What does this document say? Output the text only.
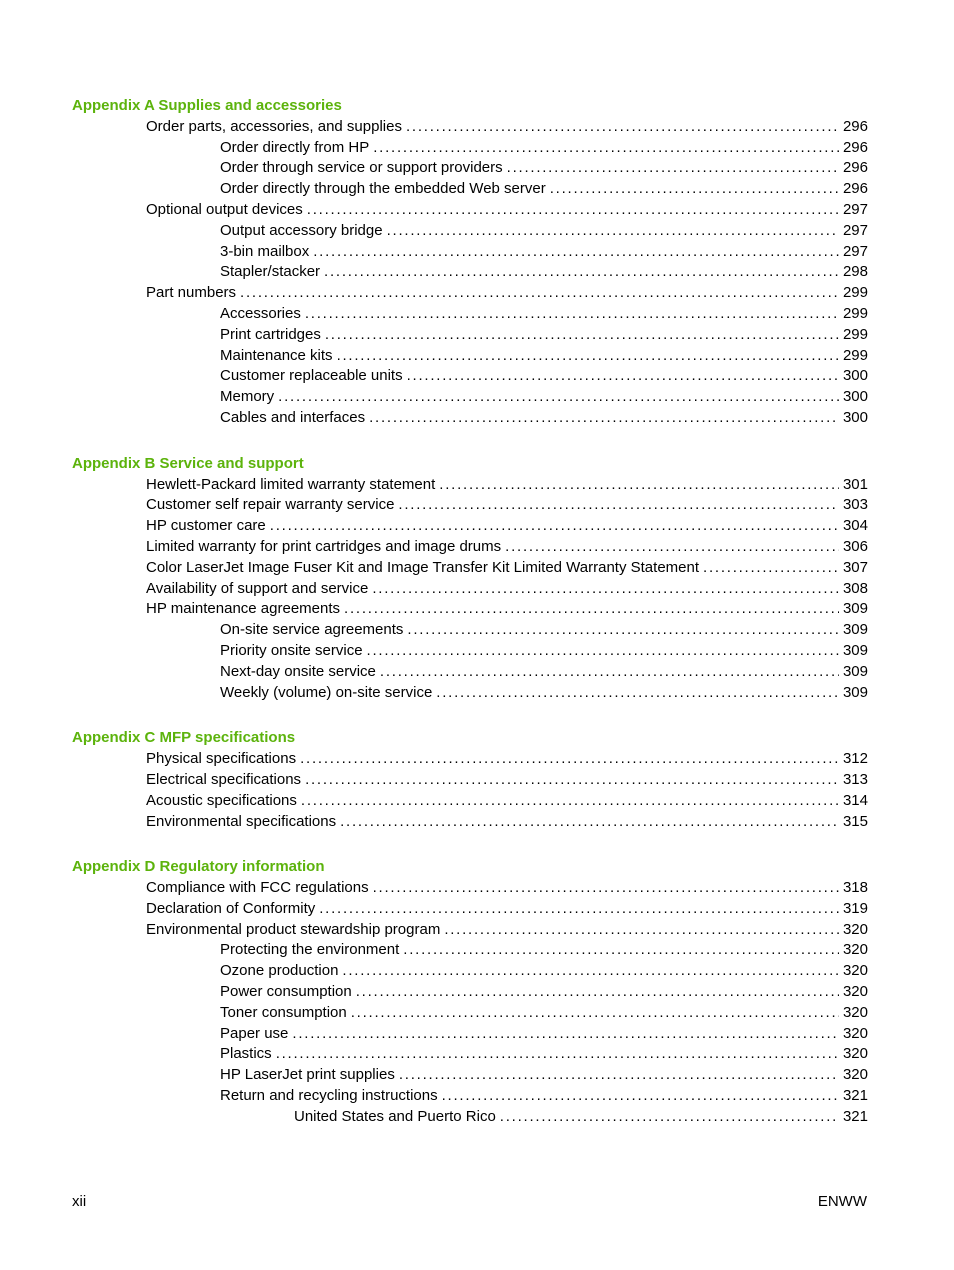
Appendix A Supplies and accessories
Order parts, accessories, and supplies . . .	296
Order directly from HP . . .	296
Order through service or support providers . . .	296
Order directly through the embedded Web server . . .	296
Optional output devices . . .	297
Output accessory bridge . . .	297
3-bin mailbox . . .	297
Stapler/stacker . . .	298
Part numbers . . .	299
Accessories . . .	299
Print cartridges . . .	299
Maintenance kits . . .	299
Customer replaceable units . . .	300
Memory . . .	300
Cables and interfaces . . .	300
Appendix B Service and support
Hewlett-Packard limited warranty statement . . .	301
Customer self repair warranty service . . .	303
HP customer care . . .	304
Limited warranty for print cartridges and image drums . . .	306
Color LaserJet Image Fuser Kit and Image Transfer Kit Limited Warranty Statement . . .	307
Availability of support and service . . .	308
HP maintenance agreements . . .	309
On-site service agreements . . .	309
Priority onsite service . . .	309
Next-day onsite service . . .	309
Weekly (volume) on-site service . . .	309
Appendix C MFP specifications
Physical specifications . . .	312
Electrical specifications . . .	313
Acoustic specifications . . .	314
Environmental specifications . . .	315
Appendix D Regulatory information
Compliance with FCC regulations . . .	318
Declaration of Conformity . . .	319
Environmental product stewardship program . . .	320
Protecting the environment . . .	320
Ozone production . . .	320
Power consumption . . .	320
Toner consumption . . .	320
Paper use . . .	320
Plastics . . .	320
HP LaserJet print supplies . . .	320
Return and recycling instructions . . .	321
United States and Puerto Rico . . .	321
xii	ENWW
